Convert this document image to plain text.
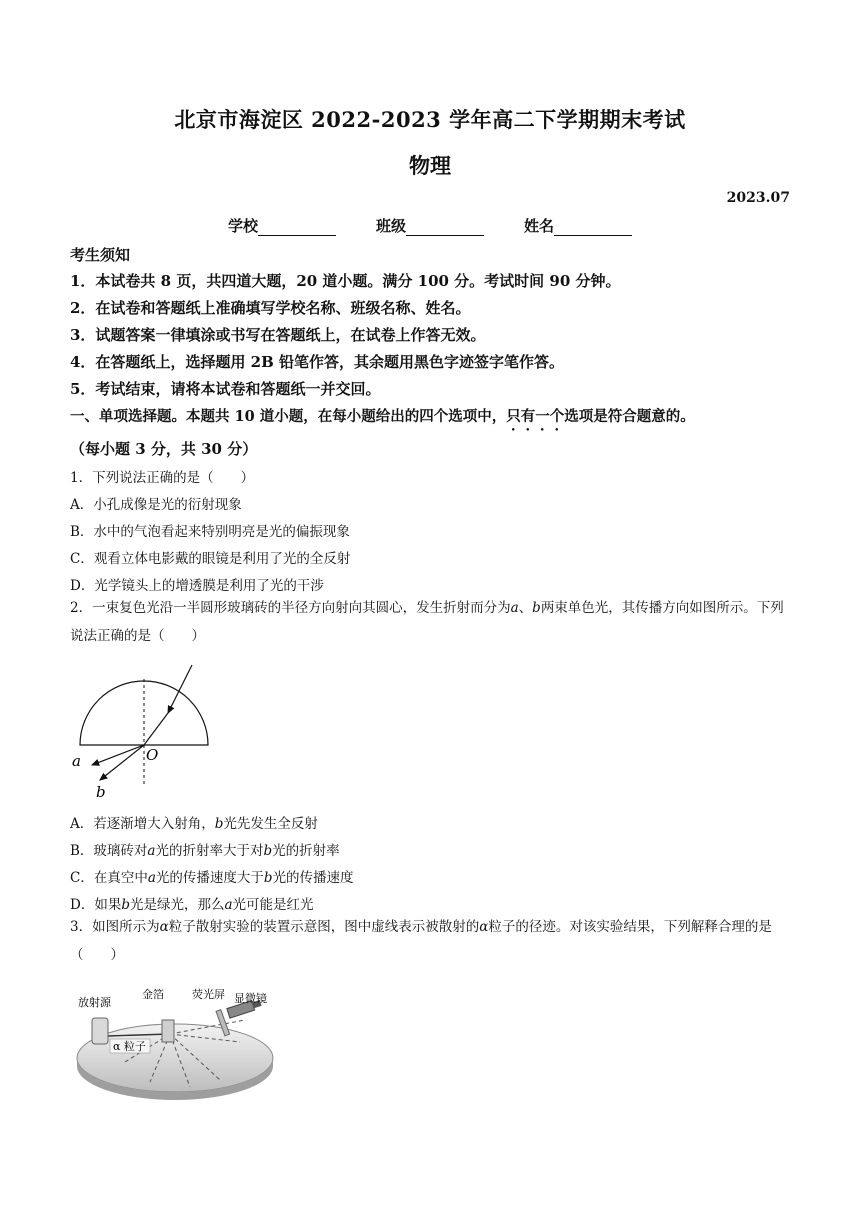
北京市海淀区 2022-2023 学年高二下学期期末考试
物理
2023.07
学校	班级	姓名
考生须知
1．本试卷共 8 页，共四道大题，20 道小题。满分 100 分。考试时间 90 分钟。
2．在试卷和答题纸上准确填写学校名称、班级名称、姓名。
3．试题答案一律填涂或书写在答题纸上，在试卷上作答无效。
4．在答题纸上，选择题用 2B 铅笔作答，其余题用黑色字迹签字笔作答。
5．考试结束，请将本试卷和答题纸一并交回。
一、单项选择题。本题共 10 道小题，在每小题给出的四个选项中，只有一个选项是符合题意的。
（每小题 3 分，共 30 分）
1．下列说法正确的是（　　）
A．小孔成像是光的衍射现象
B．水中的气泡看起来特别明亮是光的偏振现象
C．观看立体电影戴的眼镜是利用了光的全反射
D．光学镜头上的增透膜是利用了光的干涉
2．一束复色光沿一半圆形玻璃砖的半径方向射向其圆心，发生折射而分为a、b两束单色光，其传播方向如图所示。下列说法正确的是（　　）
O
a
b
A．若逐渐增大入射角，b光先发生全反射
B．玻璃砖对a光的折射率大于对b光的折射率
C．在真空中a光的传播速度大于b光的传播速度
D．如果b光是绿光，那么a光可能是红光
3．如图所示为α粒子散射实验的装置示意图，图中虚线表示被散射的α粒子的径迹。对该实验结果，下列解释合理的是（　　）
α 粒子
放射源
金箔	荧光屏 显微镜
